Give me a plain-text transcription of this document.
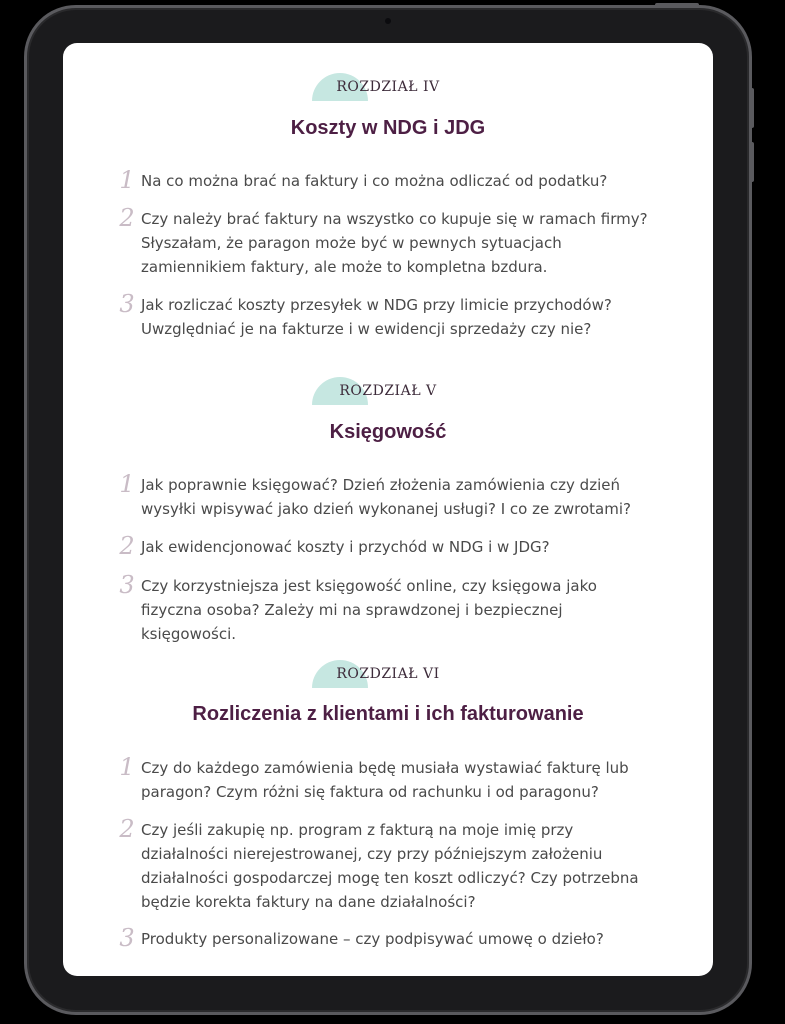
ROZDZIAŁ IV
Koszty w NDG i JDG
1 Na co można brać na faktury i co można odliczać od podatku?
2 Czy należy brać faktury na wszystko co kupuje się w ramach firmy? Słyszałam, że paragon może być w pewnych sytuacjach zamiennikiem faktury, ale może to kompletna bzdura.
3 Jak rozliczać koszty przesyłek w NDG przy limicie przychodów? Uwzględniać je na fakturze i w ewidencji sprzedaży czy nie?
ROZDZIAŁ V
Księgowość
1 Jak poprawnie księgować? Dzień złożenia zamówienia czy dzień wysyłki wpisywać jako dzień wykonanej usługi? I co ze zwrotami?
2 Jak ewidencjonować koszty i przychód w NDG i w JDG?
3 Czy korzystniejsza jest księgowość online, czy księgowa jako fizyczna osoba? Zależy mi na sprawdzonej i bezpiecznej księgowości.
ROZDZIAŁ VI
Rozliczenia z klientami i ich fakturowanie
1 Czy do każdego zamówienia będę musiała wystawiać fakturę lub paragon? Czym różni się faktura od rachunku i od paragonu?
2 Czy jeśli zakupię np. program z fakturą na moje imię przy działalności nierejestrowanej, czy przy późniejszym założeniu działalności gospodarczej mogę ten koszt odliczyć? Czy potrzebna będzie korekta faktury na dane działalności?
3 Produkty personalizowane – czy podpisywać umowę o dzieło?
